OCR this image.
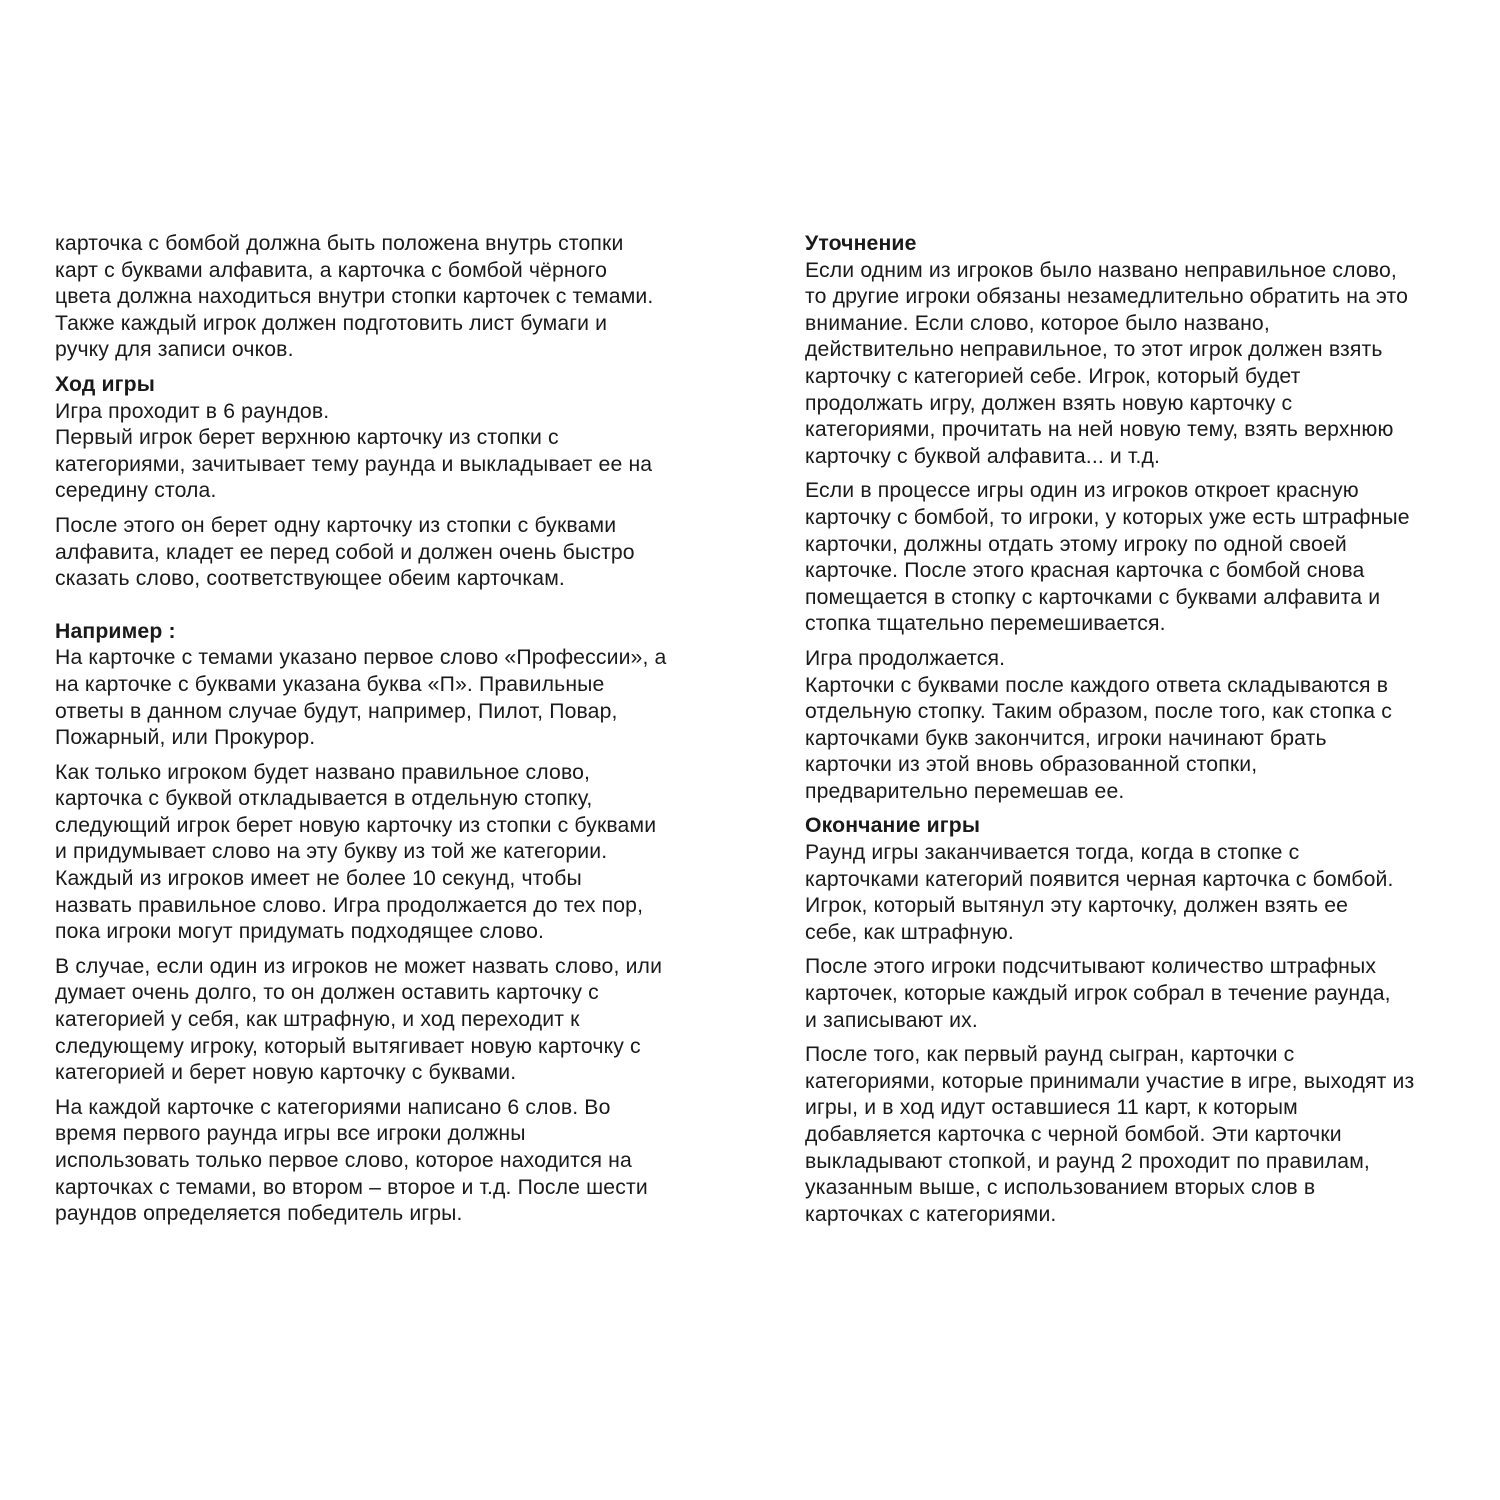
карточка с бомбой должна быть положена внутрь стопки
карт с буквами алфавита, а карточка с бомбой чёрного
цвета должна находиться внутри стопки карточек с темами.
Также каждый игрок должен подготовить лист бумаги и
ручку для записи очков.

Ход игры

Игра проходит в 6 раундов.
Первый игрок берет верхнюю карточку из стопки с
категориями, зачитывает тему раунда и выкладывает ее на
середину стола.

После этого он берет одну карточку из стопки с буквами
алфавита, кладет ее перед собой и должен очень быстро
сказать слово, соответствующее обеим карточкам.

Например :

На карточке с темами указано первое слово «Профессии», а
на карточке с буквами указана буква «П». Правильные
ответы в данном случае будут, например, Пилот, Повар,
Пожарный, или Прокурор.

Как только игроком будет названо правильное слово,
карточка с буквой откладывается в отдельную стопку,
следующий игрок берет новую карточку из стопки с буквами
и придумывает слово на эту букву из той же категории.
Каждый из игроков имеет не более 10 секунд, чтобы
назвать правильное слово. Игра продолжается до тех пор,
пока игроки могут придумать подходящее слово.

В случае, если один из игроков не может назвать слово, или
думает очень долго, то он должен оставить карточку с
категорией у себя, как штрафную, и ход переходит к
следующему игроку, который вытягивает новую карточку с
категорией и берет новую карточку с буквами.

На каждой карточке с категориями написано 6 слов. Во
время первого раунда игры все игроки должны
использовать только первое слово, которое находится на
карточках с темами, во втором – второе и т.д. После шести
раундов определяется победитель игры.

Уточнение

Если одним из игроков было названо неправильное слово,
то другие игроки обязаны незамедлительно обратить на это
внимание. Если слово, которое было названо,
действительно неправильное, то этот игрок должен взять
карточку с категорией себе. Игрок, который будет
продолжать игру, должен взять новую карточку с
категориями, прочитать на ней новую тему, взять верхнюю
карточку с буквой алфавита... и т.д.

Если в процессе игры один из игроков откроет красную
карточку с бомбой, то игроки, у которых уже есть штрафные
карточки, должны отдать этому игроку по одной своей
карточке. После этого красная карточка с бомбой снова
помещается в стопку с карточками с буквами алфавита и
стопка тщательно перемешивается.

Игра продолжается.
Карточки с буквами после каждого ответа складываются в
отдельную стопку. Таким образом, после того, как стопка с
карточками букв закончится, игроки начинают брать
карточки из этой вновь образованной стопки,
предварительно перемешав ее.

Окончание игры

Раунд игры заканчивается тогда, когда в стопке с
карточками категорий появится черная карточка с бомбой.
Игрок, который вытянул эту карточку, должен взять ее
себе, как штрафную.

После этого игроки подсчитывают количество штрафных
карточек, которые каждый игрок собрал в течение раунда,
и записывают их.

После того, как первый раунд сыгран, карточки с
категориями, которые принимали участие в игре, выходят из
игры, и в ход идут оставшиеся 11 карт, к которым
добавляется карточка с черной бомбой. Эти карточки
выкладывают стопкой, и раунд 2 проходит по правилам,
указанным выше, с использованием вторых слов в
карточках с категориями.
